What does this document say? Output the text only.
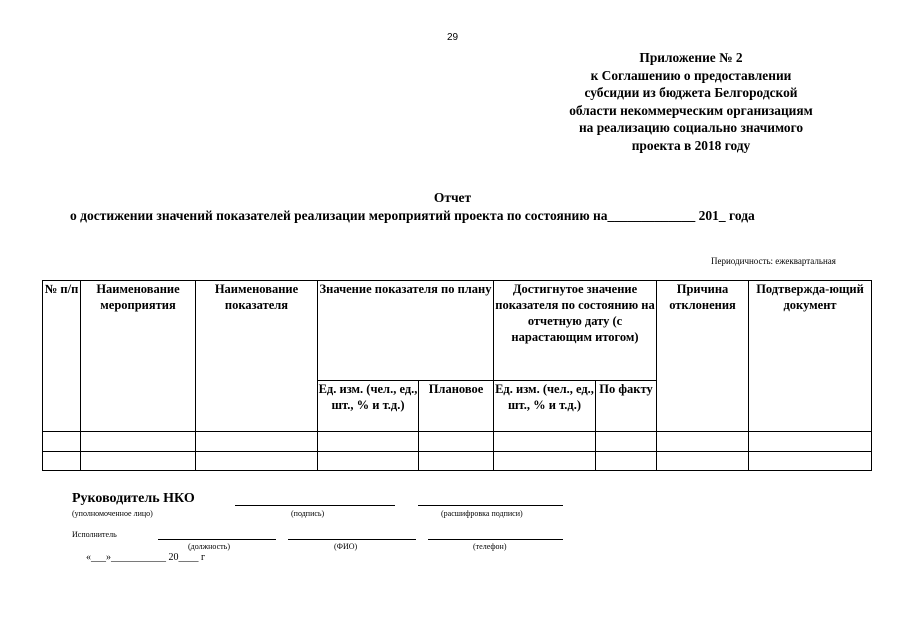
29
Приложение № 2
к Соглашению о предоставлении
субсидии из бюджета Белгородской
области некоммерческим организациям
на реализацию социально значимого
проекта в 2018 году
Отчет
о достижении значений показателей реализации мероприятий проекта по состоянию на_____________ 201_ года
Периодичность: ежеквартальная
№ п/п	Наименование мероприятия	Наименование показателя	Значение показателя по плану		Достигнутое значение показателя по состоянию на отчетную дату (с нарастающим итогом)		Причина отклонения	Подтвержда-ющий документ
			Ед. изм. (чел., ед., шт., % и т.д.)	Плановое	Ед. изм. (чел., ед., шт., % и т.д.)	По факту		

Руководитель НКО
(уполномоченное лицо)	(подпись)	(расшифровка подписи)
Исполнитель
(должность)	(ФИО)	(телефон)
«___»___________ 20____ г
